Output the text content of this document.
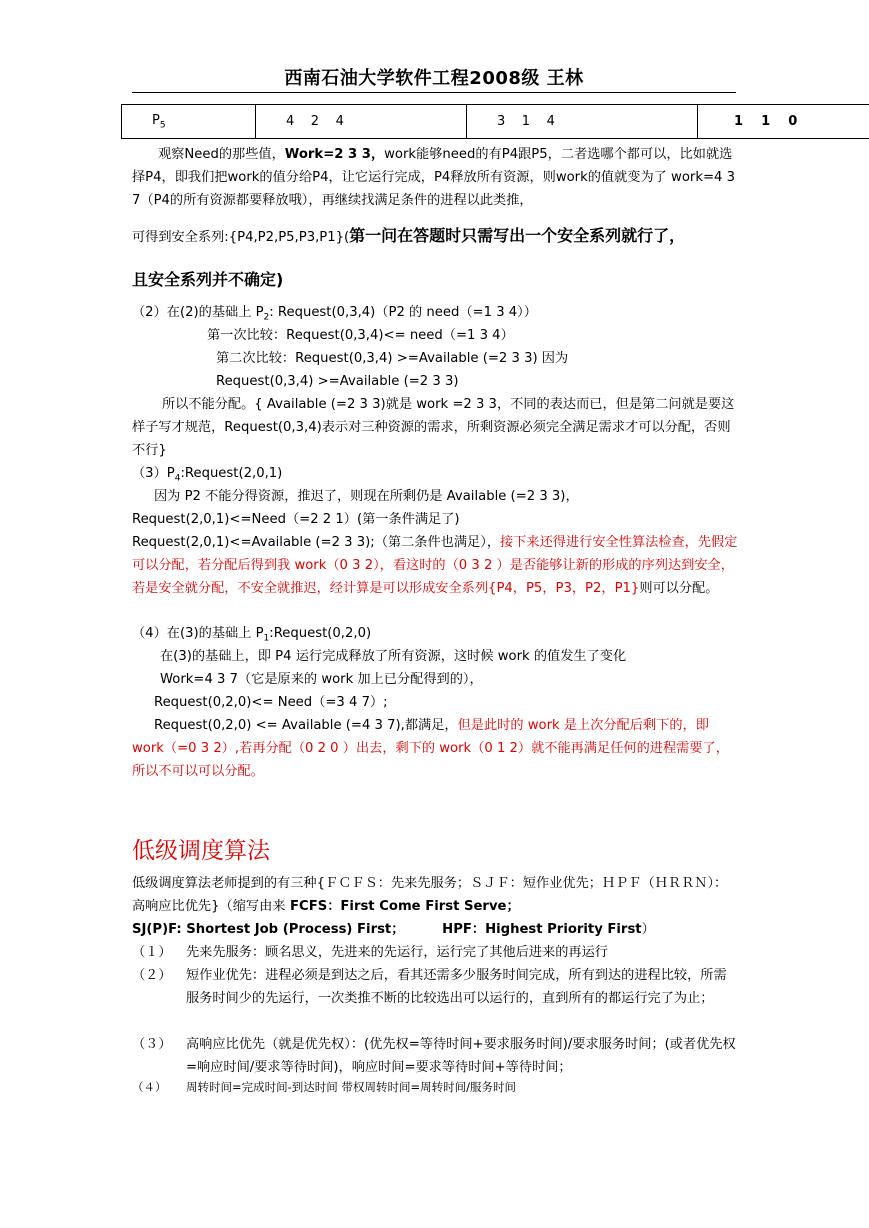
西南石油大学软件工程2008级 王林
$P_5$	4    2    4	3    1    4	1    1    0
观察Need的那些值，Work=2 3 3，work能够need的有P4跟P5，二者选哪个都可以，比如就选择P4，即我们把work的值分给P4，让它运行完成，P4释放所有资源，则work的值就变为了 work=4 3 7（P4的所有资源都要释放哦），再继续找满足条件的进程以此类推，
可得到安全系列:{P4,P2,P5,P3,P1}(第一问在答题时只需写出一个安全系列就行了，
且安全系列并不确定)
（2）在(2)的基础上 $P_2$: Request(0,3,4)（P2 的 need（=1 3 4））
第一次比较：Request(0,3,4)<= need（=1 3 4）
第二次比较：Request(0,3,4) >=Available (=2 3 3) 因为
Request(0,3,4) >=Available (=2 3 3)
所以不能分配。{ Available (=2 3 3)就是 work =2 3 3，不同的表达而已，但是第二问就是要这样子写才规范，Request(0,3,4)表示对三种资源的需求，所剩资源必须完全满足需求才可以分配，否则不行}
$(3)P_4:Request(2,0,1)$
因为 P2 不能分得资源，推迟了，则现在所剩仍是 Available (=2 3 3)，
Request(2,0,1)<=Need（=2 2 1）(第一条件满足了)
Request(2,0,1)<=Available (=2 3 3);（第二条件也满足），接下来还得进行安全性算法检查，先假定可以分配，若分配后得到我 work（0 3 2），看这时的（0 3 2 ）是否能够让新的形成的序列达到安全，若是安全就分配，不安全就推迟，经计算是可以形成安全系列{P4，P5，P3，P2，P1}则可以分配。
（4）在(3)的基础上 $P_1:Request(0,2,0)$
在(3)的基础上，即 P4 运行完成释放了所有资源，这时候 work 的值发生了变化
Work=4 3 7（它是原来的 work 加上已分配得到的），
Request(0,2,0)<= Need（=3 4 7）;
Request(0,2,0) <= Available (=4 3 7),都满足，但是此时的 work 是上次分配后剩下的，即 work（=0 3 2）,若再分配（0 2 0 ）出去，剩下的 work（0 1 2）就不能再满足任何的进程需要了，所以不可以可以分配。
低级调度算法
低级调度算法老师提到的有三种{ＦＣＦＳ：先来先服务；ＳＪＦ：短作业优先；ＨＰＦ（ＨＲＲＮ）：高响应比优先}（缩写由来 FCFS：First Come First Serve；
SJ(P)F: Shortest Job (Process) First；	HPF：Highest Priority First）
（１） 先来先服务：顾名思义，先进来的先运行，运行完了其他后进来的再运行
（２） 短作业优先：进程必须是到达之后，看其还需多少服务时间完成，所有到达的进程比较，所需服务时间少的先运行，一次类推不断的比较选出可以运行的，直到所有的都运行完了为止；
（３） 高响应比优先（就是优先权）：(优先权=等待时间+要求服务时间)/要求服务时间；(或者优先权=响应时间/要求等待时间)，响应时间=要求等待时间+等待时间；
（４） 周转时间=完成时间-到达时间 带权周转时间=周转时间/服务时间
